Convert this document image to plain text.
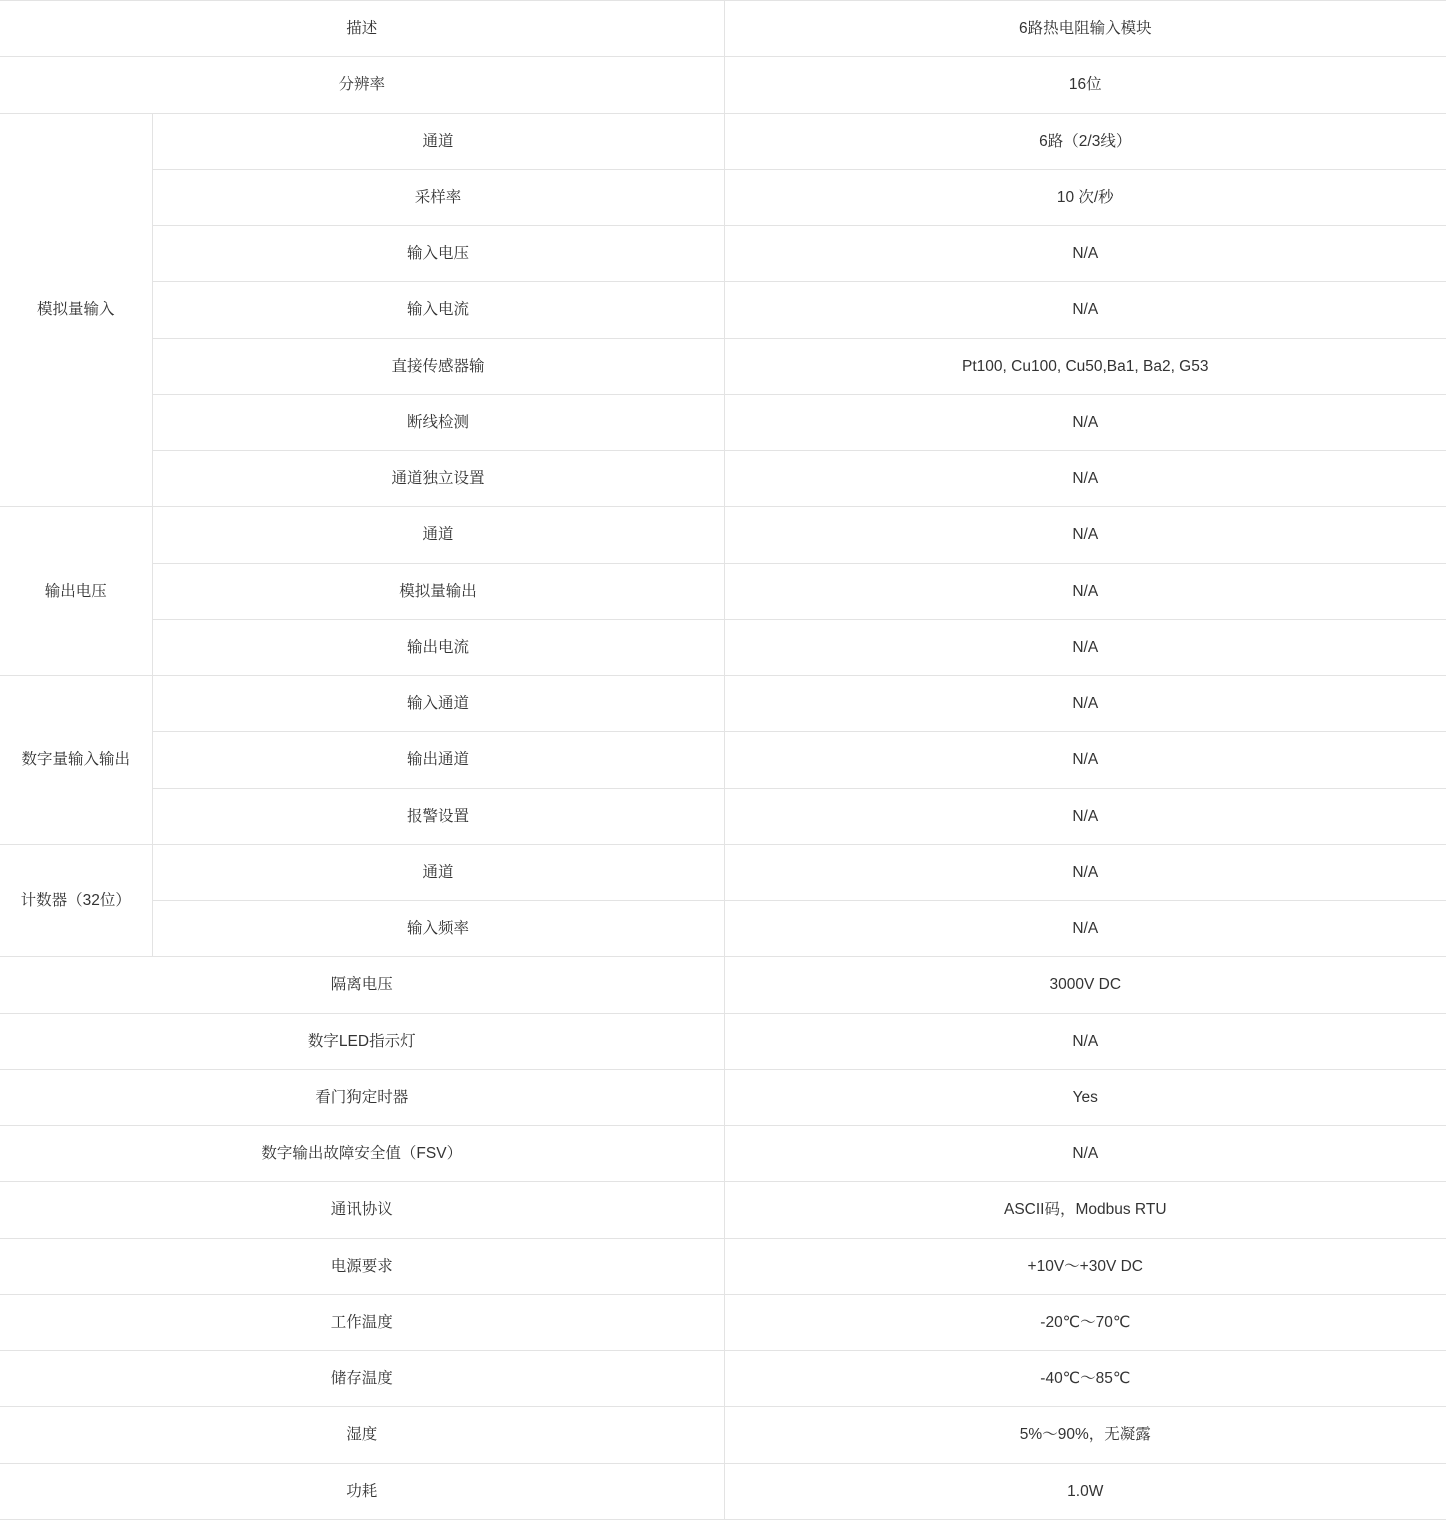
描述		6路热电阻输入模块
分辨率		16位
模拟量输入	通道	6路（2/3线）
	采样率	10 次/秒
	输入电压	N/A
	输入电流	N/A
	直接传感器输	Pt100, Cu100, Cu50,Ba1, Ba2, G53
	断线检测	N/A
	通道独立设置	N/A
输出电压	通道	N/A
	模拟量输出	N/A
	输出电流	N/A
数字量输入输出	输入通道	N/A
	输出通道	N/A
	报警设置	N/A
计数器（32位）	通道	N/A
	输入频率	N/A
隔离电压		3000V DC
数字LED指示灯		N/A
看门狗定时器		Yes
数字输出故障安全值（FSV）		N/A
通讯协议		ASCII码，Modbus RTU
电源要求		+10V～+30V DC
工作温度		-20℃～70℃
储存温度		-40℃～85℃
湿度		5%～90%，无凝露
功耗		1.0W
